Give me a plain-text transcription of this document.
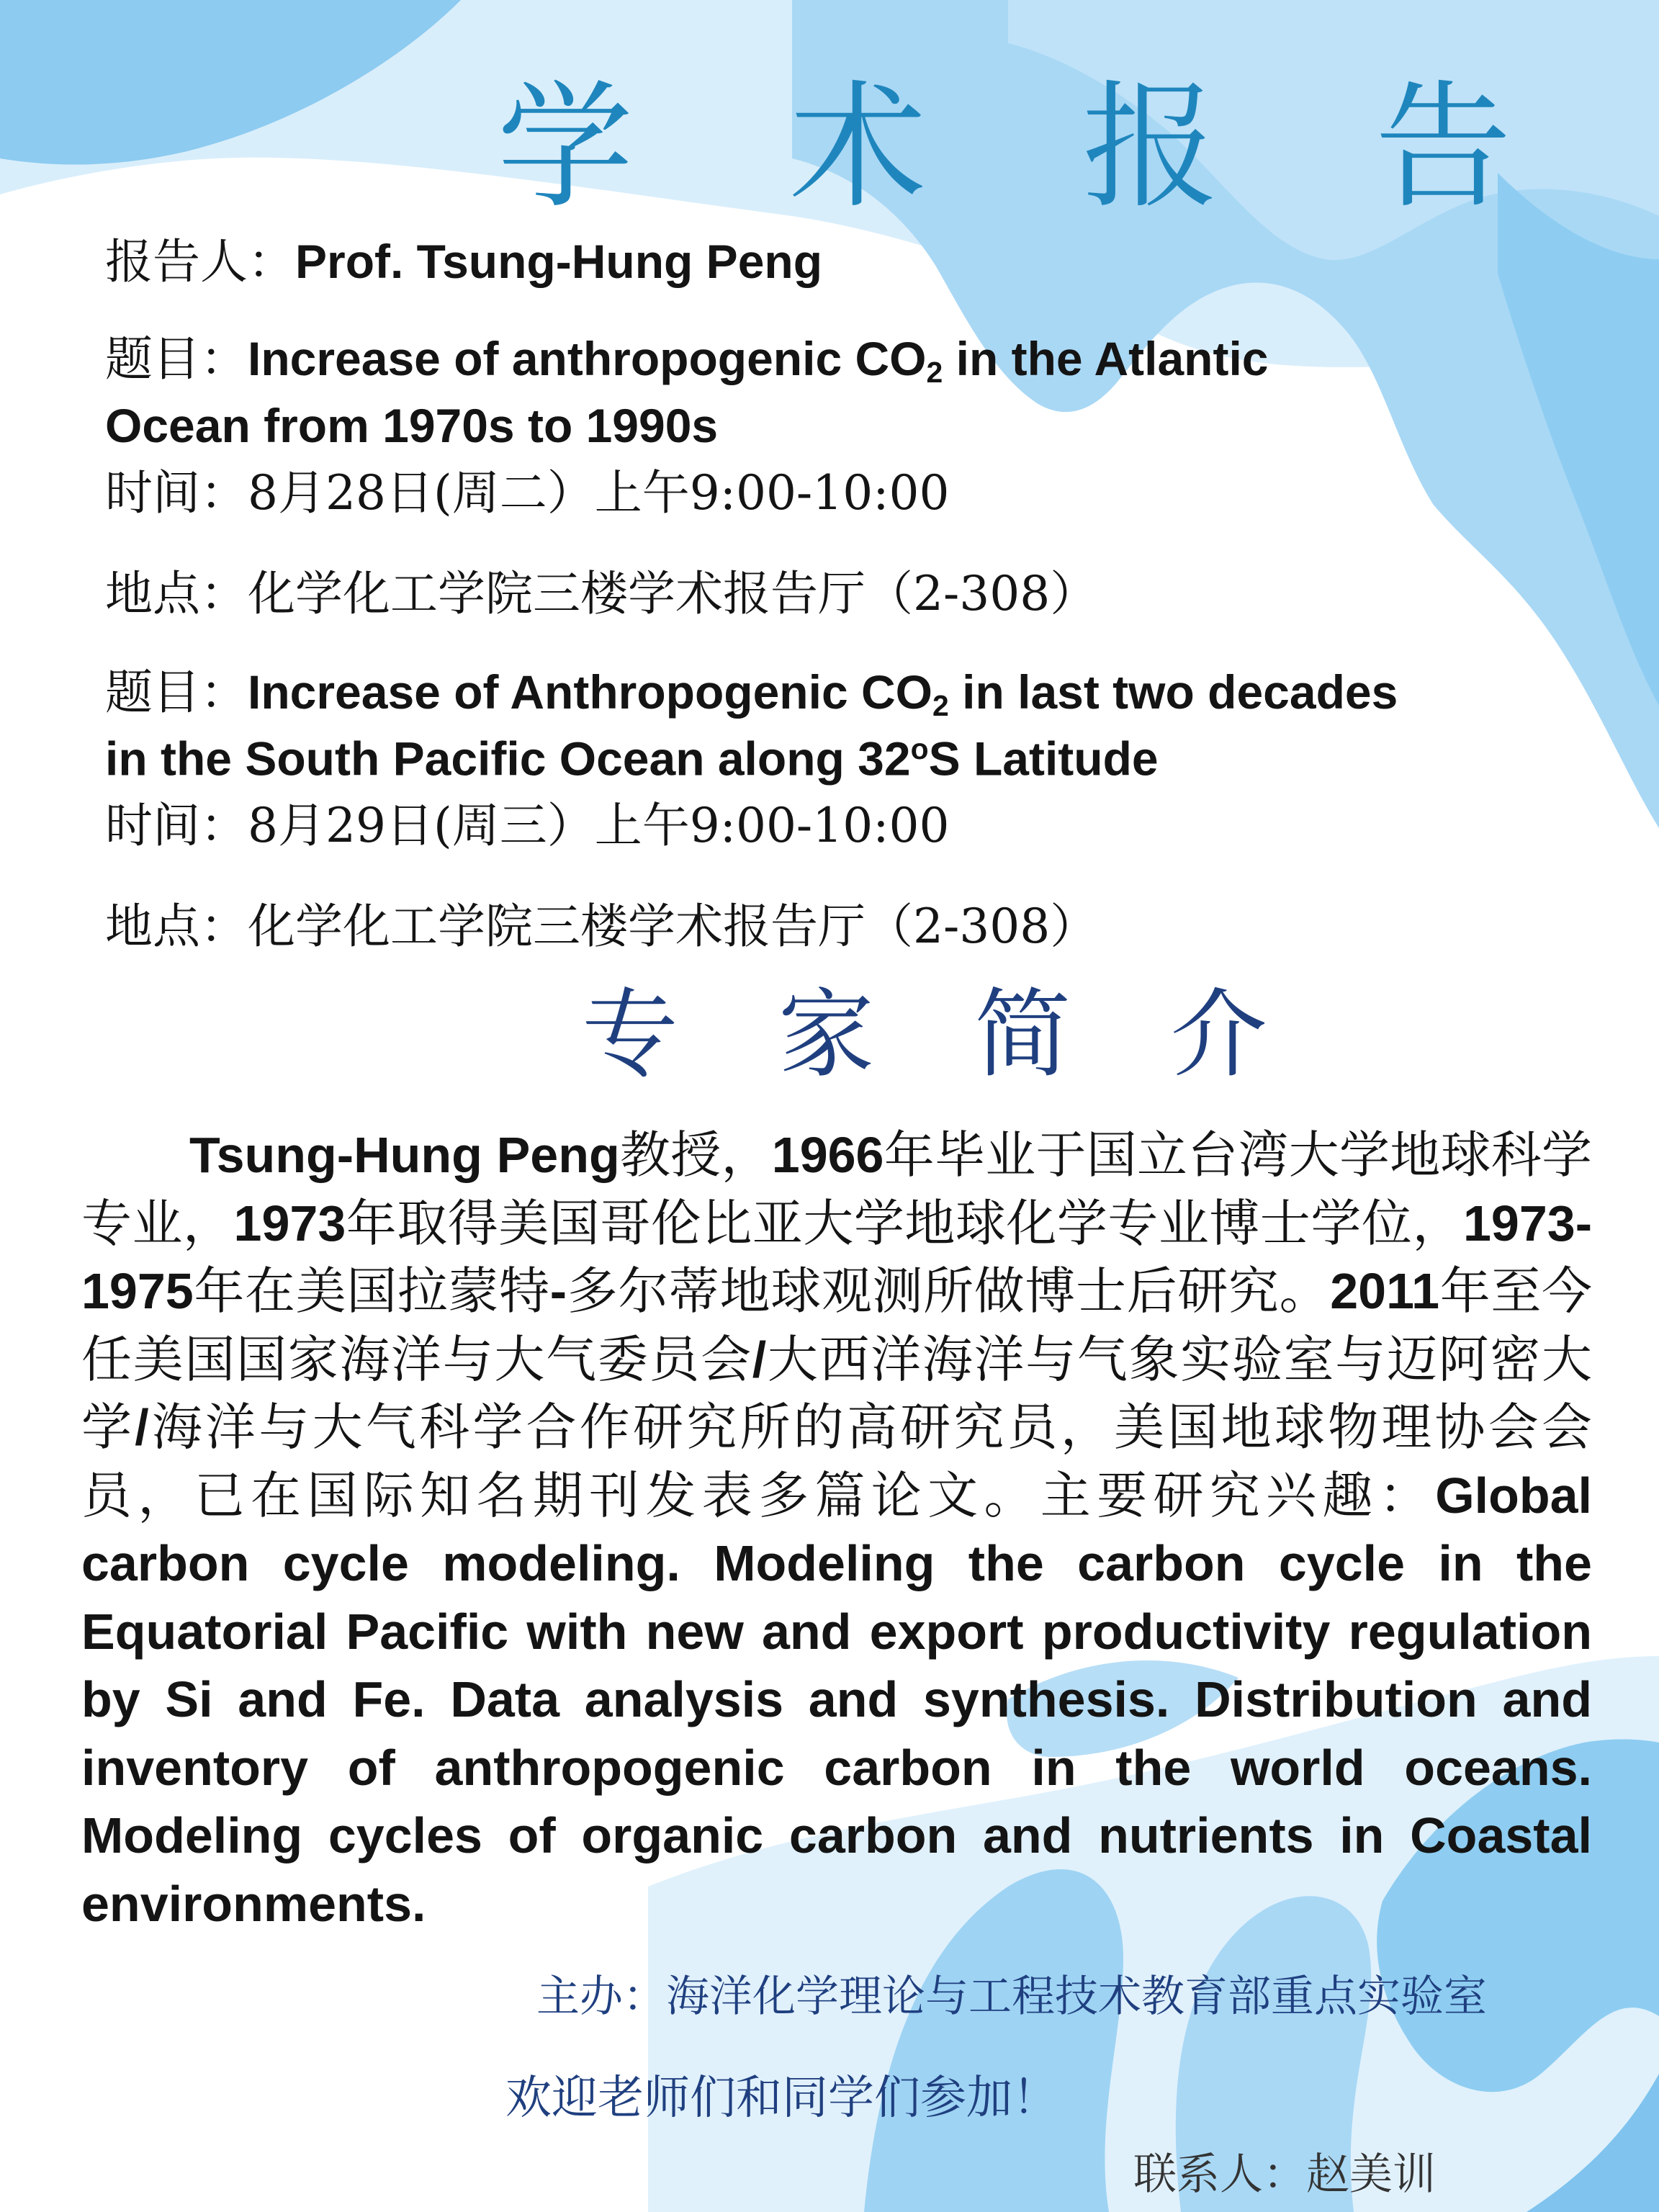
学 术 报 告
报告人：Prof. Tsung-Hung Peng
题目：Increase of anthropogenic $CO_2$ in the Atlantic
Ocean from 1970s to 1990s
时间：8月28日(周二）上午9:00-10:00
地点：化学化工学院三楼学术报告厅（2-308）
题目：Increase of Anthropogenic $CO_2$ in last two decades
in the South Pacific Ocean along 32$^o$S Latitude
时间：8月29日(周三）上午9:00-10:00
地点：化学化工学院三楼学术报告厅（2-308）
专 家 简 介
Tsung-Hung Peng教授，1966年毕业于国立台湾大学地球科学专业，1973年取得美国哥伦比亚大学地球化学专业博士学位，1973-1975年在美国拉蒙特-多尔蒂地球观测所做博士后研究。2011年至今任美国国家海洋与大气委员会/大西洋海洋与气象实验室与迈阿密大学/海洋与大气科学合作研究所的高研究员，美国地球物理协会会员，已在国际知名期刊发表多篇论文。主要研究兴趣：Global carbon cycle modeling. Modeling the carbon cycle in the Equatorial Pacific with new and export productivity regulation by Si and Fe. Data analysis and synthesis. Distribution and inventory of anthropogenic carbon in the world oceans. Modeling cycles of organic carbon and nutrients in Coastal environments.
主办：海洋化学理论与工程技术教育部重点实验室
欢迎老师们和同学们参加！
联系人：赵美训
